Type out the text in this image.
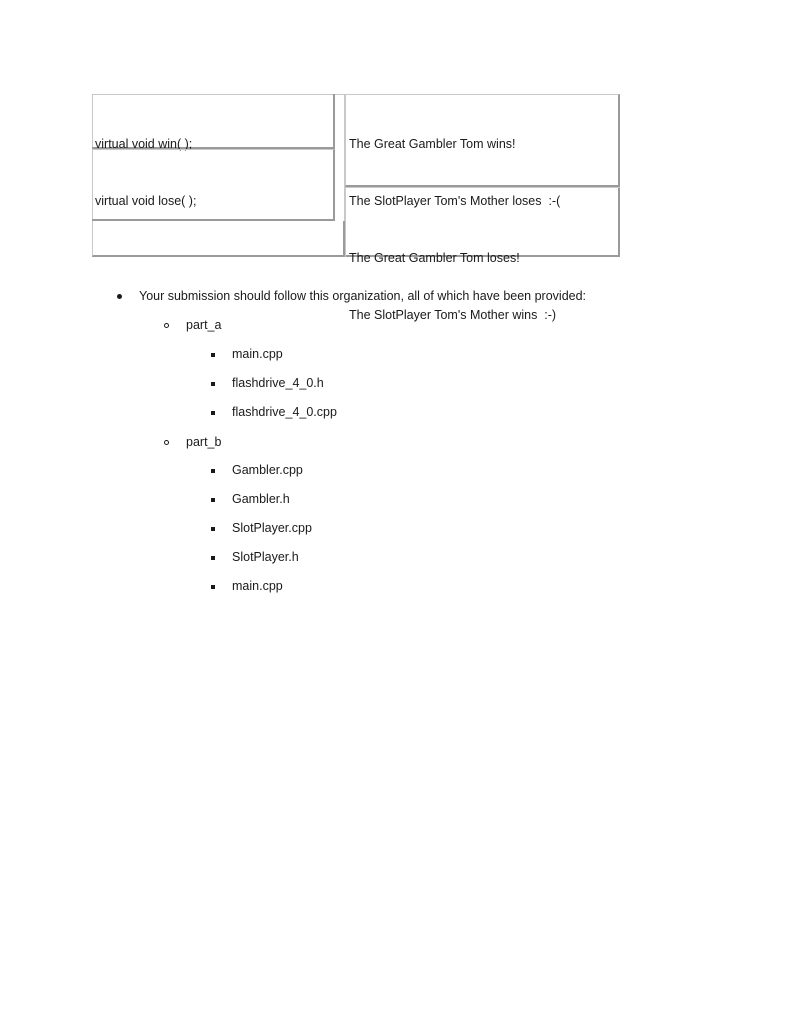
virtual void win( );

virtual void lose( );

The Great Gambler Tom wins!

The SlotPlayer Tom's Mother loses  :-(

The Great Gambler Tom loses!

The SlotPlayer Tom's Mother wins  :-)

Your submission should follow this organization, all of which have been provided:
part_a
main.cpp
flashdrive_4_0.h
flashdrive_4_0.cpp
part_b
Gambler.cpp
Gambler.h
SlotPlayer.cpp
SlotPlayer.h
main.cpp
